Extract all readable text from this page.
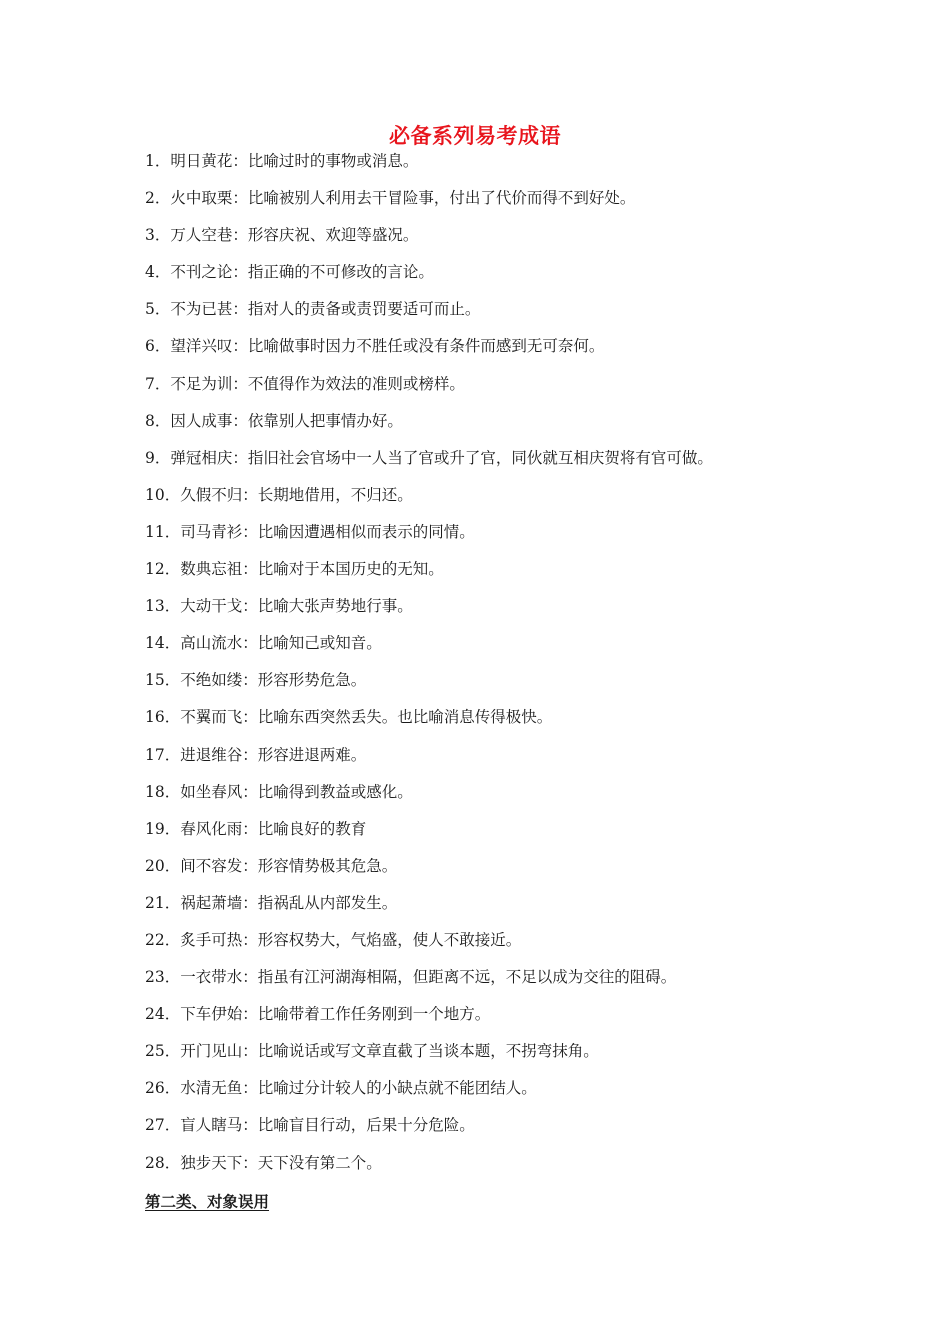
必备系列易考成语
1．明日黄花：比喻过时的事物或消息。
2．火中取栗：比喻被别人利用去干冒险事，付出了代价而得不到好处。
3．万人空巷：形容庆祝、欢迎等盛况。
4．不刊之论：指正确的不可修改的言论。
5．不为已甚：指对人的责备或责罚要适可而止。
6．望洋兴叹：比喻做事时因力不胜任或没有条件而感到无可奈何。
7．不足为训：不值得作为效法的准则或榜样。
8．因人成事：依靠别人把事情办好。
9．弹冠相庆：指旧社会官场中一人当了官或升了官，同伙就互相庆贺将有官可做。
10．久假不归：长期地借用，不归还。
11．司马青衫：比喻因遭遇相似而表示的同情。
12．数典忘祖：比喻对于本国历史的无知。
13．大动干戈：比喻大张声势地行事。
14．高山流水：比喻知己或知音。
15．不绝如缕：形容形势危急。
16．不翼而飞：比喻东西突然丢失。也比喻消息传得极快。
17．进退维谷：形容进退两难。
18．如坐春风：比喻得到教益或感化。
19．春风化雨：比喻良好的教育
20．间不容发：形容情势极其危急。
21．祸起萧墙：指祸乱从内部发生。
22．炙手可热：形容权势大，气焰盛，使人不敢接近。
23．一衣带水：指虽有江河湖海相隔，但距离不远，不足以成为交往的阻碍。
24．下车伊始：比喻带着工作任务刚到一个地方。
25．开门见山：比喻说话或写文章直截了当谈本题，不拐弯抹角。
26．水清无鱼：比喻过分计较人的小缺点就不能团结人。
27．盲人瞎马：比喻盲目行动，后果十分危险。
28．独步天下：天下没有第二个。
第二类、对象误用
